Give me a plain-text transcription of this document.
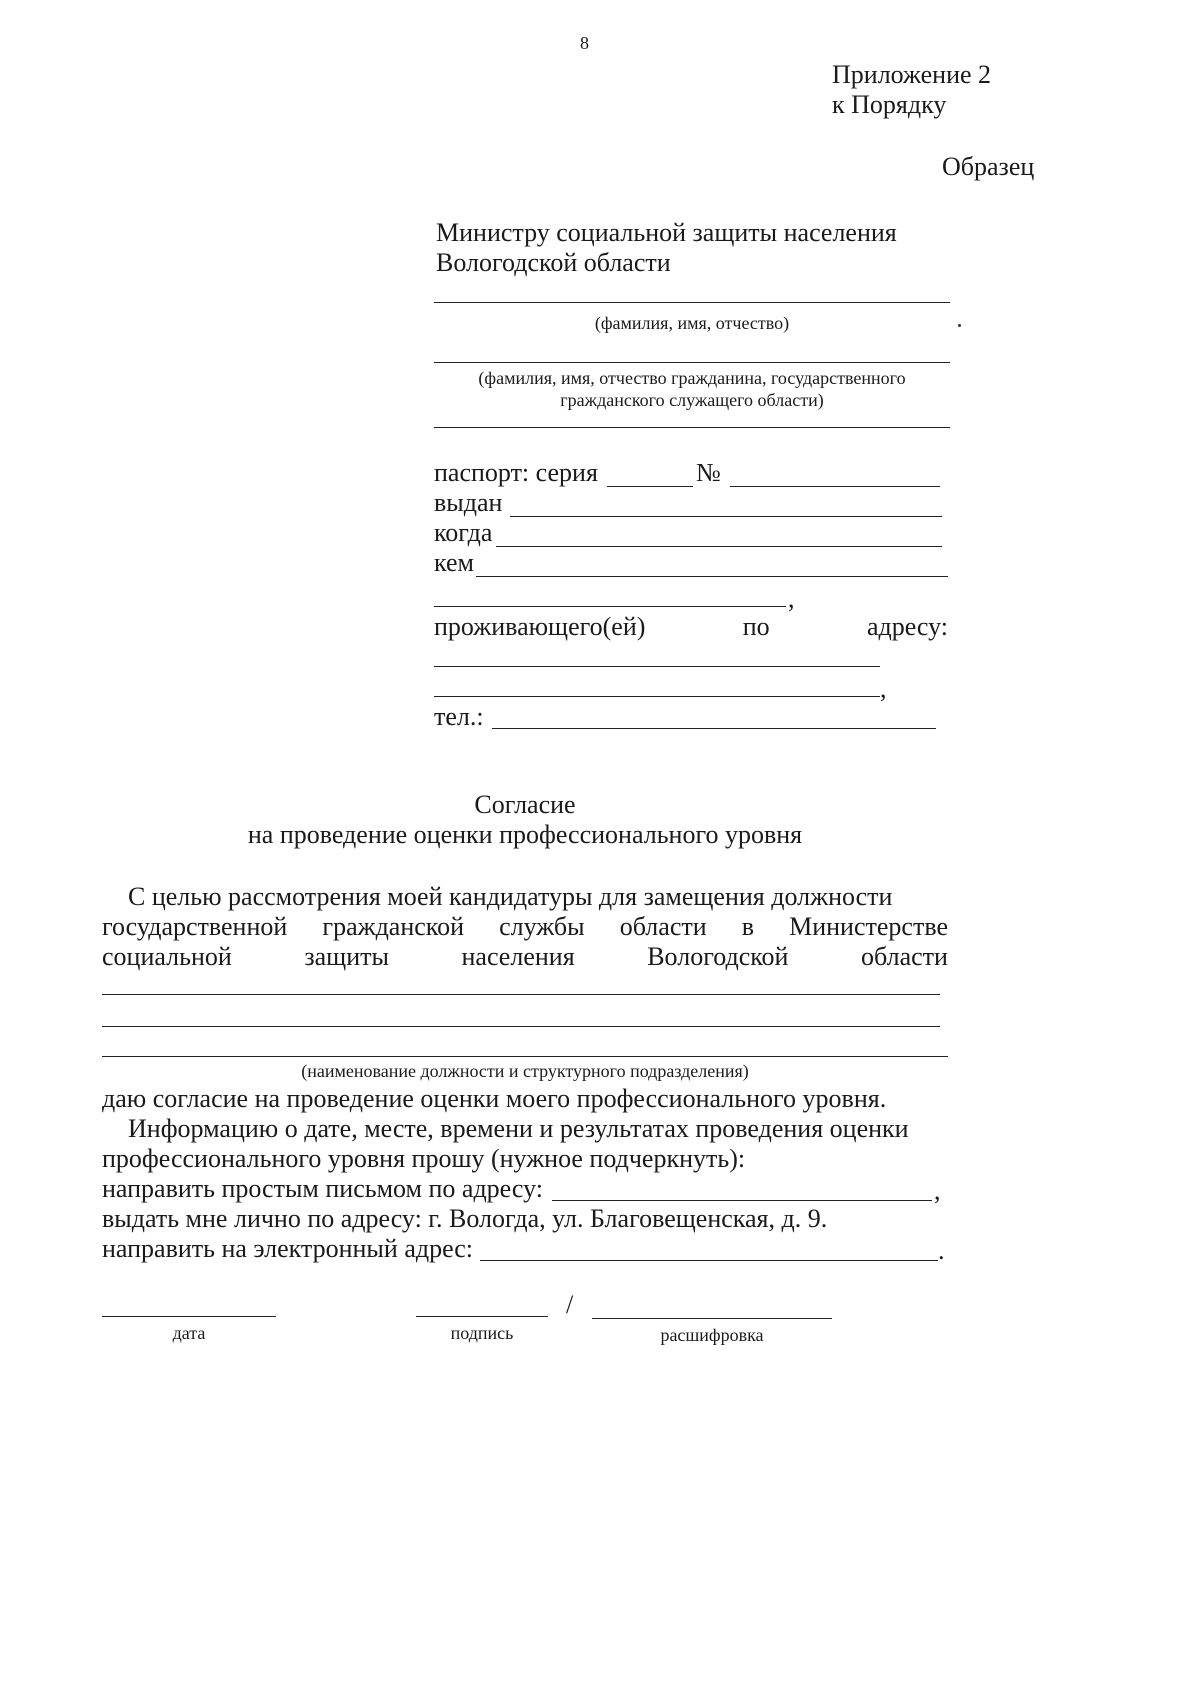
8
Приложение 2
к Порядку
Образец
Министру социальной защиты населения
Вологодской области
(фамилия, имя, отчество)
(фамилия, имя, отчество гражданина, государственного
гражданского служащего области)
паспорт: серия	№
выдан
когда
кем
,
проживающего(ей)	по	адресу:
,
тел.:
Согласие
на проведение оценки профессионального уровня
С целью рассмотрения моей кандидатуры для замещения должности
государственной гражданской службы области в Министерстве
социальной	защиты	населения	Вологодской	области
(наименование должности и структурного подразделения)
даю согласие на проведение оценки моего профессионального уровня.
Информацию о дате, месте, времени и результатах проведения оценки
профессионального уровня прошу (нужное подчеркнуть):
направить простым письмом по адресу:	,
выдать мне лично по адресу: г. Вологда, ул. Благовещенская, д. 9.
направить на электронный адрес:	.
дата	подпись
/
расшифровка
